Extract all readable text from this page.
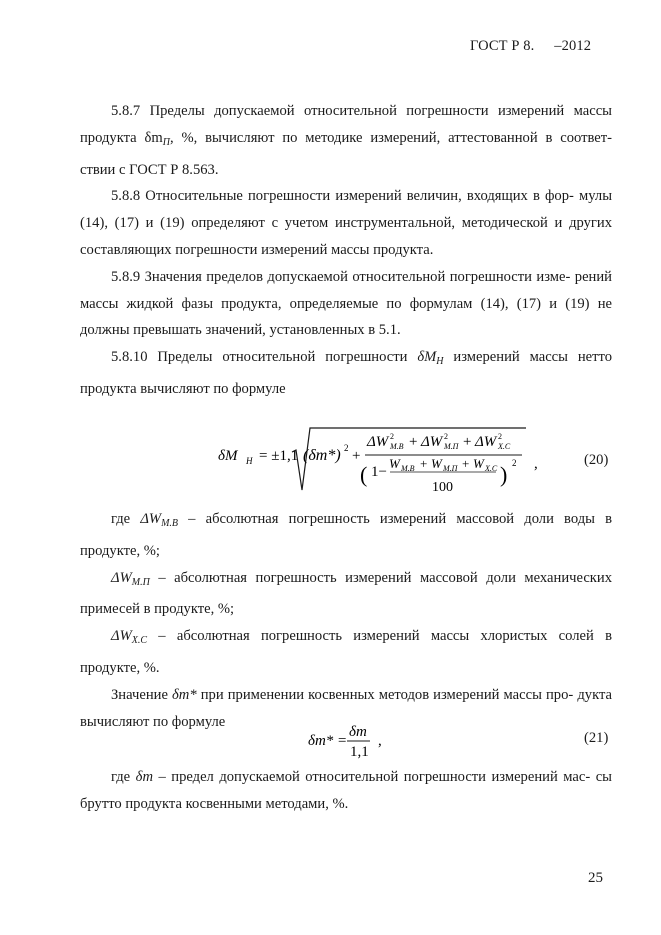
ГОСТ Р 8. –2012

5.8.7 Пределы допускаемой относительной погрешности измерений массы продукта $\delta m_П$, %, вычисляют по методике измерений, аттестованной в соответ- ствии с ГОСТ Р 8.563.

5.8.8 Относительные погрешности измерений величин, входящих в фор- мулы (14), (17) и (19) определяют с учетом инструментальной, методической и других составляющих погрешности измерений массы продукта.

5.8.9 Значения пределов допускаемой относительной погрешности изме- рений массы жидкой фазы продукта, определяемые по формулам (14), (17) и (19) не должны превышать значений, установленных в 5.1.

5.8.10 Пределы относительной погрешности $\delta M_Н$ измерений массы нетто продукта вычисляют по формуле

δM Н = ±1,1 (δm*) 2 +
ΔW М.В
2 + ΔW М.П
2 + ΔW Х.С
2
( 1−
W М.В + W М.П + W Х.С
100
) 2 ,	(20)

где $\Delta W_{М.В}$ – абсолютная погрешность измерений массовой доли воды в продукте, %;

$\Delta W_{М.П}$ – абсолютная погрешность измерений массовой доли механических примесей в продукте, %;

$\Delta W_{Х.С}$ – абсолютная погрешность измерений массы хлористых солей в продукте, %.

Значение δm* при применении косвенных методов измерений массы про- дукта вычисляют по формуле

δm* =
δm
1,1
,	(21)

где δm – предел допускаемой относительной погрешности измерений мас- сы брутто продукта косвенными методами, %.

25
